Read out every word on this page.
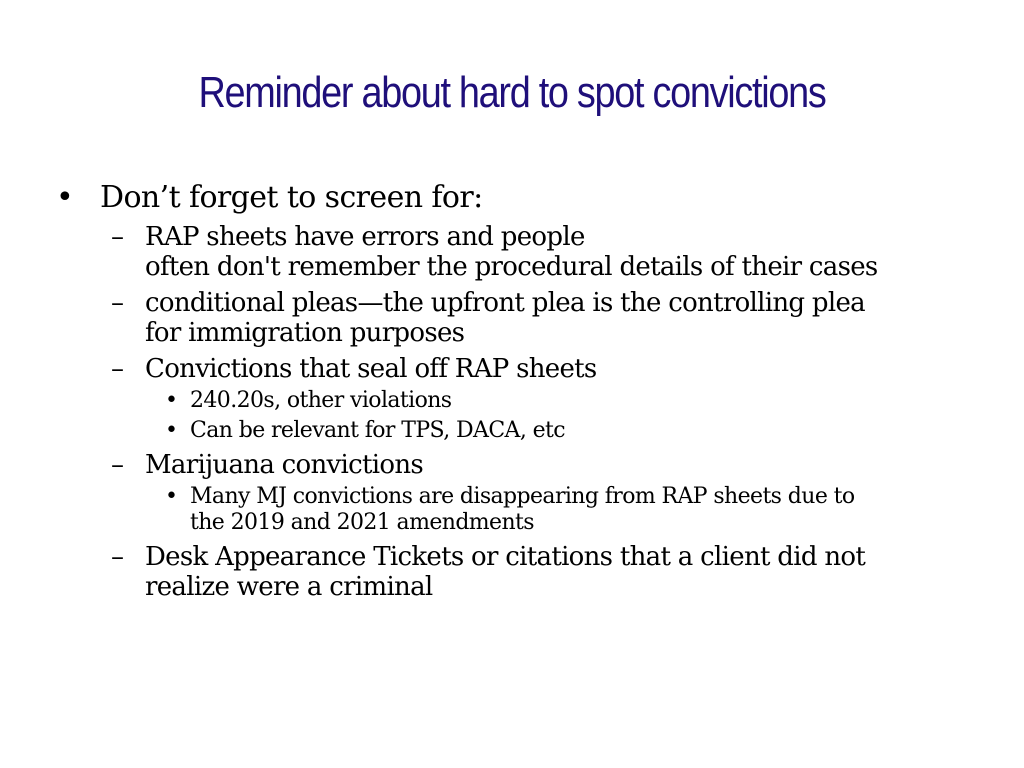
Reminder about hard to spot convictions
• Don’t forget to screen for:
– RAP sheets have errors and people
often don't remember the procedural details of their cases
– conditional pleas—the upfront plea is the controlling plea
for immigration purposes
– Convictions that seal off RAP sheets
• 240.20s, other violations
• Can be relevant for TPS, DACA, etc
– Marijuana convictions
• Many MJ convictions are disappearing from RAP sheets due to
the 2019 and 2021 amendments
– Desk Appearance Tickets or citations that a client did not
realize were a criminal
